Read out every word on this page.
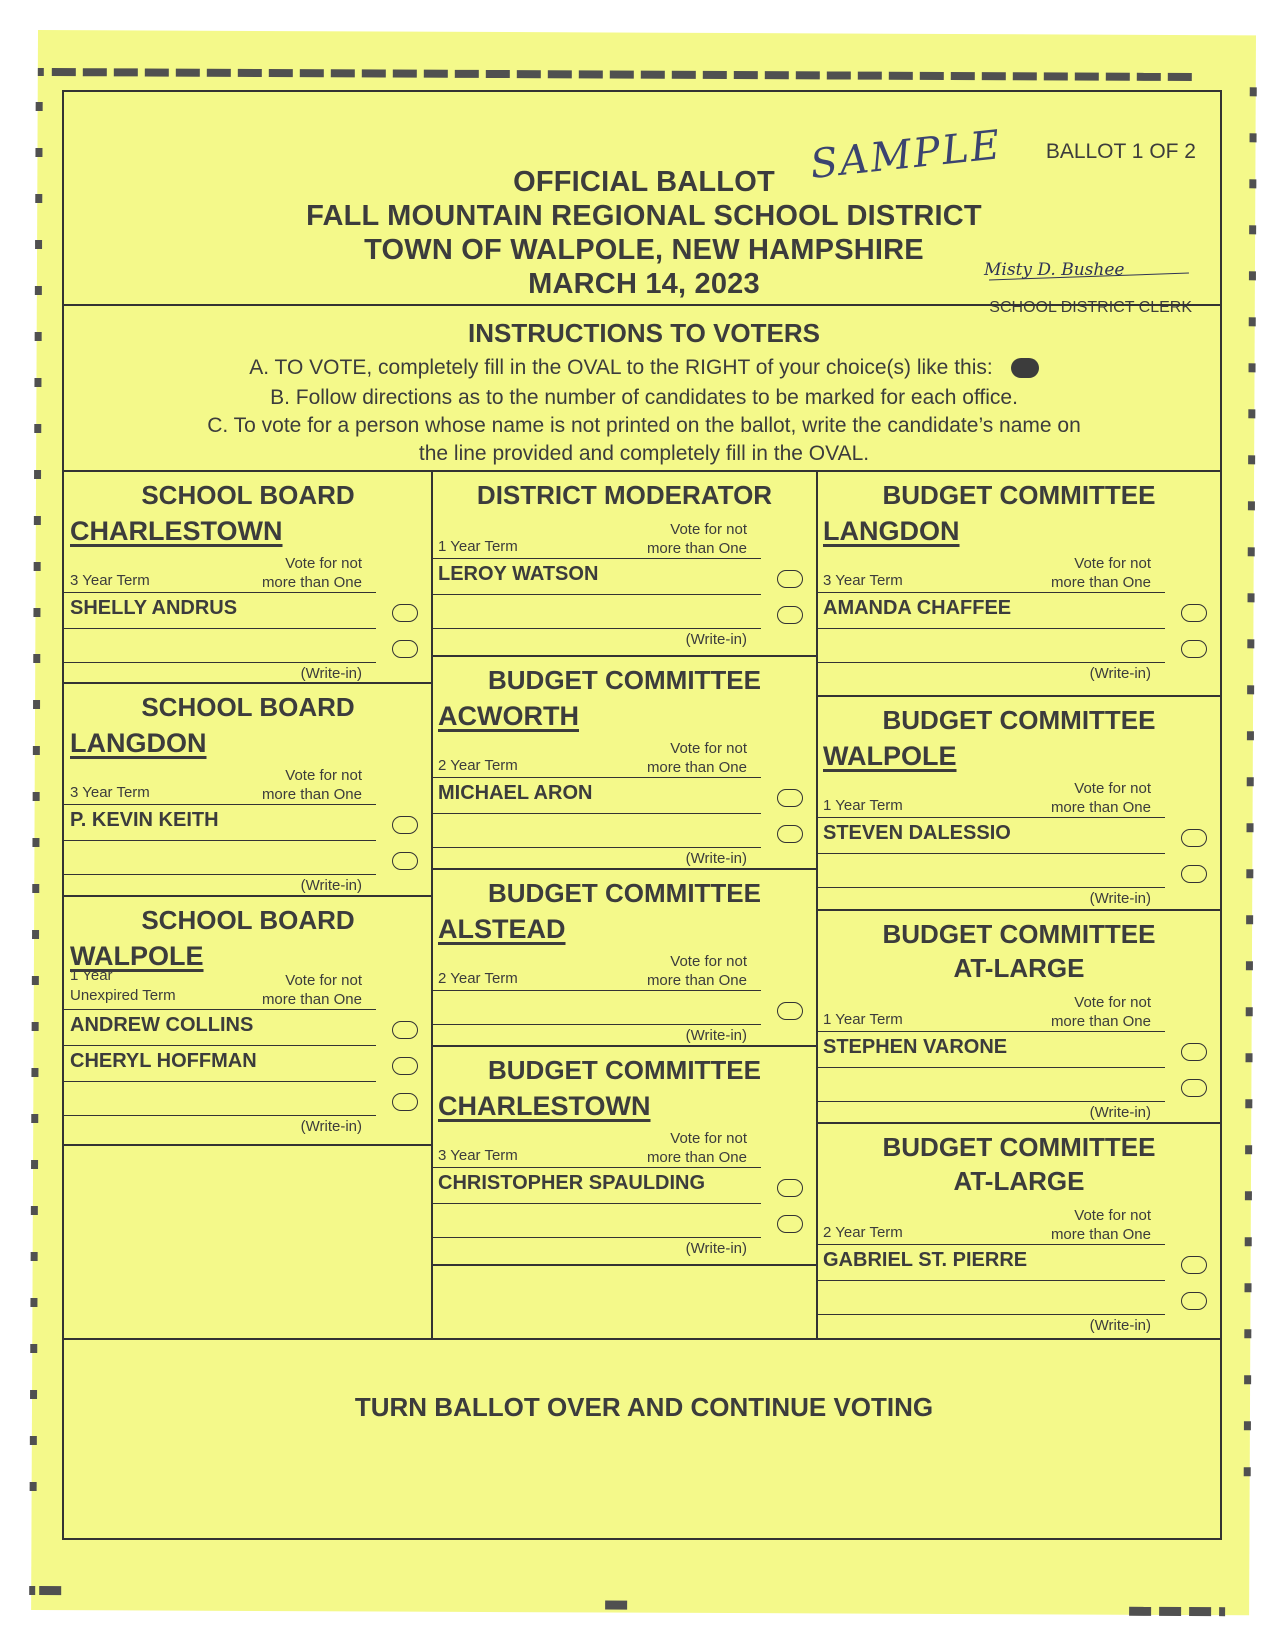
OFFICIAL BALLOT
FALL MOUNTAIN REGIONAL SCHOOL DISTRICT
TOWN OF WALPOLE, NEW HAMPSHIRE
MARCH 14, 2023
BALLOT 1 OF 2
SAMPLE
Misty D. Bushee
SCHOOL DISTRICT CLERK
INSTRUCTIONS TO VOTERS
A. TO VOTE, completely fill in the OVAL to the RIGHT of your choice(s) like this:
B. Follow directions as to the number of candidates to be marked for each office.
C. To vote for a person whose name is not printed on the ballot, write the candidate’s name on
the line provided and completely fill in the OVAL.
SCHOOL BOARD
CHARLESTOWN
3 Year Term
Vote for not
more than One
SHELLY ANDRUS
(Write-in)
SCHOOL BOARD
LANGDON
3 Year Term
Vote for not
more than One
P. KEVIN KEITH
(Write-in)
SCHOOL BOARD
WALPOLE
1 Year
Unexpired Term
Vote for not
more than One
ANDREW COLLINS
CHERYL HOFFMAN
(Write-in)
DISTRICT MODERATOR
1 Year Term
Vote for not
more than One
LEROY WATSON
(Write-in)
BUDGET COMMITTEE
ACWORTH
2 Year Term
Vote for not
more than One
MICHAEL ARON
(Write-in)
BUDGET COMMITTEE
ALSTEAD
2 Year Term
Vote for not
more than One
(Write-in)
BUDGET COMMITTEE
CHARLESTOWN
3 Year Term
Vote for not
more than One
CHRISTOPHER SPAULDING
(Write-in)
BUDGET COMMITTEE
LANGDON
3 Year Term
Vote for not
more than One
AMANDA CHAFFEE
(Write-in)
BUDGET COMMITTEE
WALPOLE
1 Year Term
Vote for not
more than One
STEVEN DALESSIO
(Write-in)
BUDGET COMMITTEE
AT-LARGE
1 Year Term
Vote for not
more than One
STEPHEN VARONE
(Write-in)
BUDGET COMMITTEE
AT-LARGE
2 Year Term
Vote for not
more than One
GABRIEL ST. PIERRE
(Write-in)
TURN BALLOT OVER AND CONTINUE VOTING
